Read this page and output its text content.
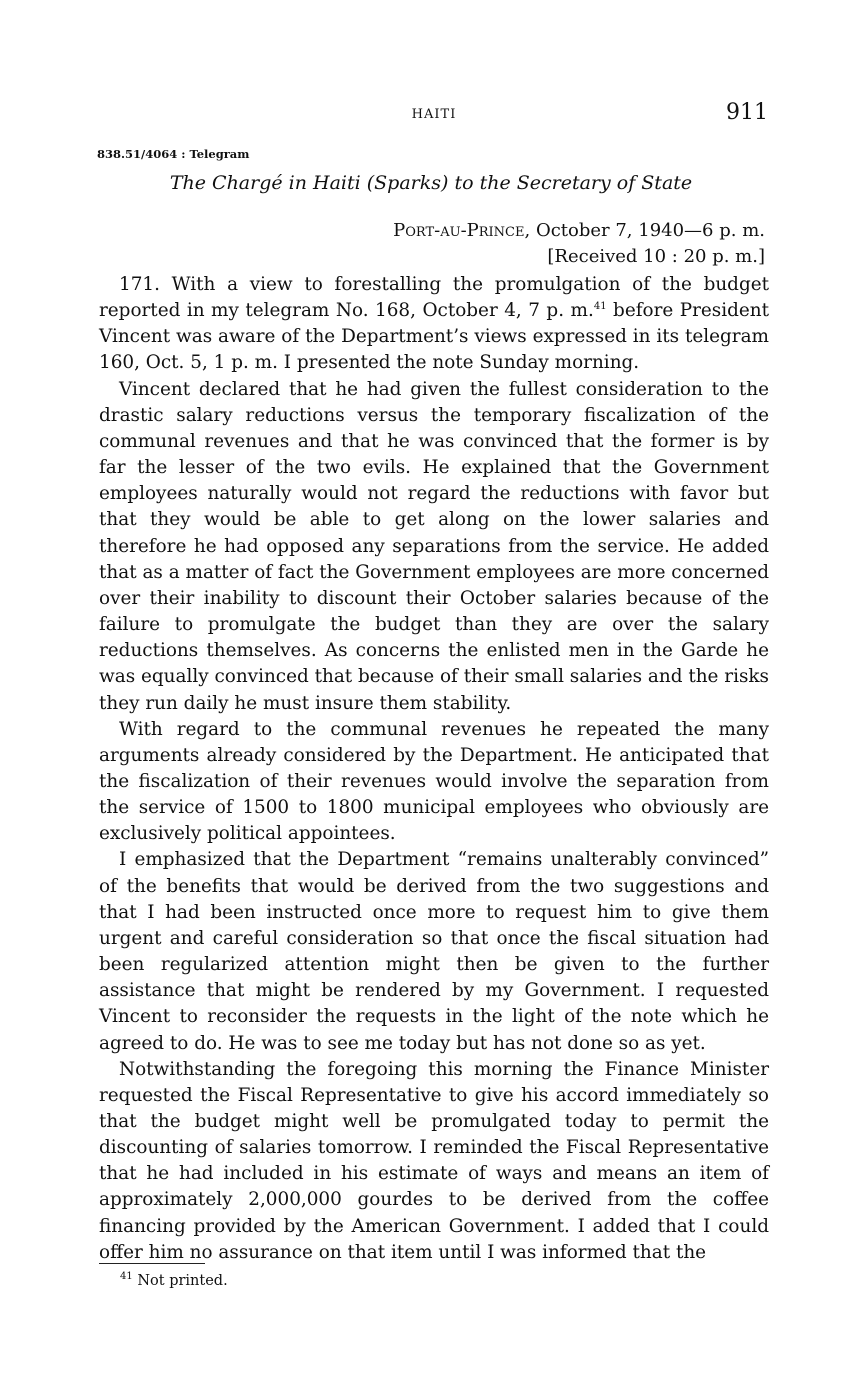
HAITI	911
838.51/4064 : Telegram
The Chargé in Haiti (Sparks) to the Secretary of State
Port-au-Prince, October 7, 1940—6 p. m.
[Received 10 : 20 p. m.]

171. With a view to forestalling the promulgation of the budget reported in my telegram No. 168, October 4, 7 p. m.$^{41}$ before President Vincent was aware of the Department’s views expressed in its telegram 160, Oct. 5, 1 p. m. I presented the note Sunday morning.

Vincent declared that he had given the fullest consideration to the drastic salary reductions versus the temporary fiscalization of the communal revenues and that he was convinced that the former is by far the lesser of the two evils. He explained that the Government employees naturally would not regard the reductions with favor but that they would be able to get along on the lower salaries and therefore he had opposed any separations from the service. He added that as a matter of fact the Government employees are more concerned over their inability to discount their October salaries because of the failure to promulgate the budget than they are over the salary reductions themselves. As concerns the enlisted men in the Garde he was equally convinced that because of their small salaries and the risks they run daily he must insure them stability.

With regard to the communal revenues he repeated the many arguments already considered by the Department. He anticipated that the fiscalization of their revenues would involve the separation from the service of 1500 to 1800 municipal employees who obviously are exclusively political appointees.

I emphasized that the Department “remains unalterably convinced” of the benefits that would be derived from the two suggestions and that I had been instructed once more to request him to give them urgent and careful consideration so that once the fiscal situation had been regularized attention might then be given to the further assistance that might be rendered by my Government. I requested Vincent to reconsider the requests in the light of the note which he agreed to do. He was to see me today but has not done so as yet.

Notwithstanding the foregoing this morning the Finance Minister requested the Fiscal Representative to give his accord immediately so that the budget might well be promulgated today to permit the discounting of salaries tomorrow. I reminded the Fiscal Representative that he had included in his estimate of ways and means an item of approximately 2,000,000 gourdes to be derived from the coffee financing provided by the American Government. I added that I could offer him no assurance on that item until I was informed that the

$^{41}$ Not printed.
